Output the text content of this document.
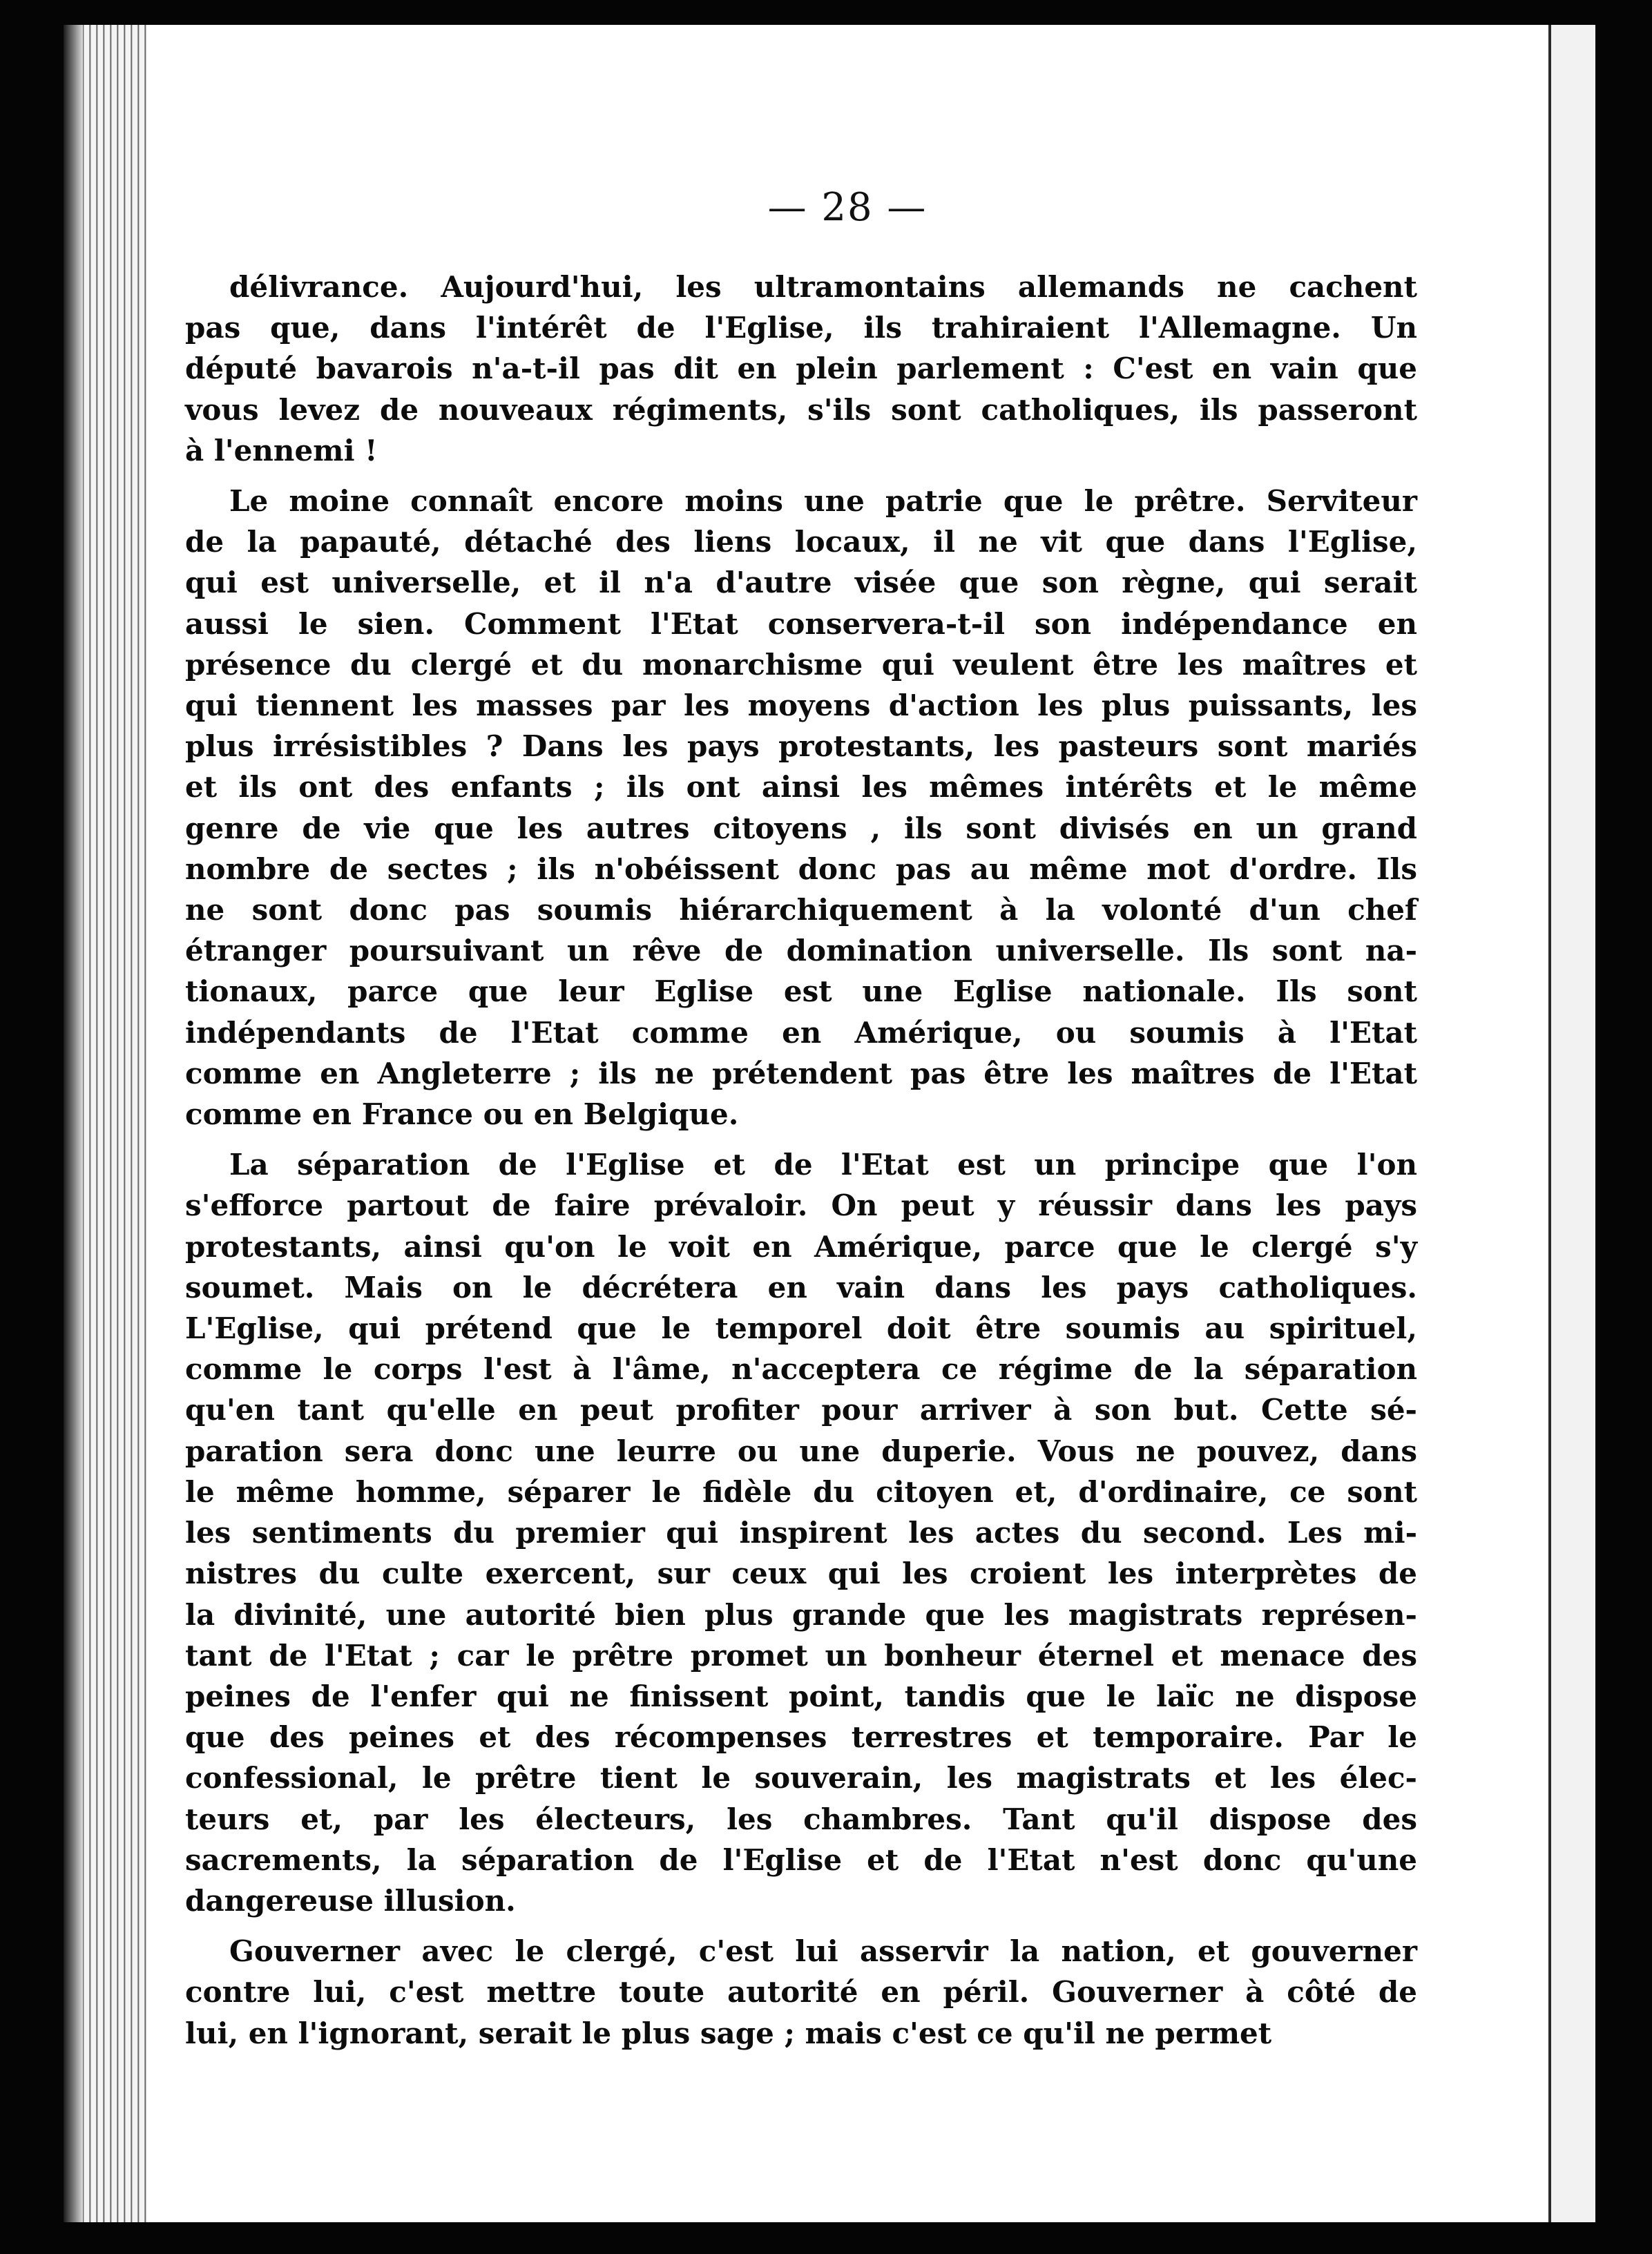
— 28 —

délivrance. Aujourd'hui, les ultramontains allemands ne cachent
pas que, dans l'intérêt de l'Eglise, ils trahiraient l'Allemagne. Un
député bavarois n'a-t-il pas dit en plein parlement : C'est en vain que
vous levez de nouveaux régiments, s'ils sont catholiques, ils passeront
à l'ennemi !

Le moine connaît encore moins une patrie que le prêtre. Serviteur
de la papauté, détaché des liens locaux, il ne vit que dans l'Eglise,
qui est universelle, et il n'a d'autre visée que son règne, qui serait
aussi le sien. Comment l'Etat conservera-t-il son indépendance en
présence du clergé et du monarchisme qui veulent être les maîtres et
qui tiennent les masses par les moyens d'action les plus puissants, les
plus irrésistibles ? Dans les pays protestants, les pasteurs sont mariés
et ils ont des enfants ; ils ont ainsi les mêmes intérêts et le même
genre de vie que les autres citoyens , ils sont divisés en un grand
nombre de sectes ; ils n'obéissent donc pas au même mot d'ordre. Ils
ne sont donc pas soumis hiérarchiquement à la volonté d'un chef
étranger poursuivant un rêve de domination universelle. Ils sont na-
tionaux, parce que leur Eglise est une Eglise nationale. Ils sont
indépendants de l'Etat comme en Amérique, ou soumis à l'Etat
comme en Angleterre ; ils ne prétendent pas être les maîtres de l'Etat
comme en France ou en Belgique.

La séparation de l'Eglise et de l'Etat est un principe que l'on
s'efforce partout de faire prévaloir. On peut y réussir dans les pays
protestants, ainsi qu'on le voit en Amérique, parce que le clergé s'y
soumet. Mais on le décrétera en vain dans les pays catholiques.
L'Eglise, qui prétend que le temporel doit être soumis au spirituel,
comme le corps l'est à l'âme, n'acceptera ce régime de la séparation
qu'en tant qu'elle en peut profiter pour arriver à son but. Cette sé-
paration sera donc une leurre ou une duperie. Vous ne pouvez, dans
le même homme, séparer le fidèle du citoyen et, d'ordinaire, ce sont
les sentiments du premier qui inspirent les actes du second. Les mi-
nistres du culte exercent, sur ceux qui les croient les interprètes de
la divinité, une autorité bien plus grande que les magistrats représen-
tant de l'Etat ; car le prêtre promet un bonheur éternel et menace des
peines de l'enfer qui ne finissent point, tandis que le laïc ne dispose
que des peines et des récompenses terrestres et temporaire. Par le
confessional, le prêtre tient le souverain, les magistrats et les élec-
teurs et, par les électeurs, les chambres. Tant qu'il dispose des
sacrements, la séparation de l'Eglise et de l'Etat n'est donc qu'une
dangereuse illusion.

Gouverner avec le clergé, c'est lui asservir la nation, et gouverner
contre lui, c'est mettre toute autorité en péril. Gouverner à côté de
lui, en l'ignorant, serait le plus sage ; mais c'est ce qu'il ne permet
